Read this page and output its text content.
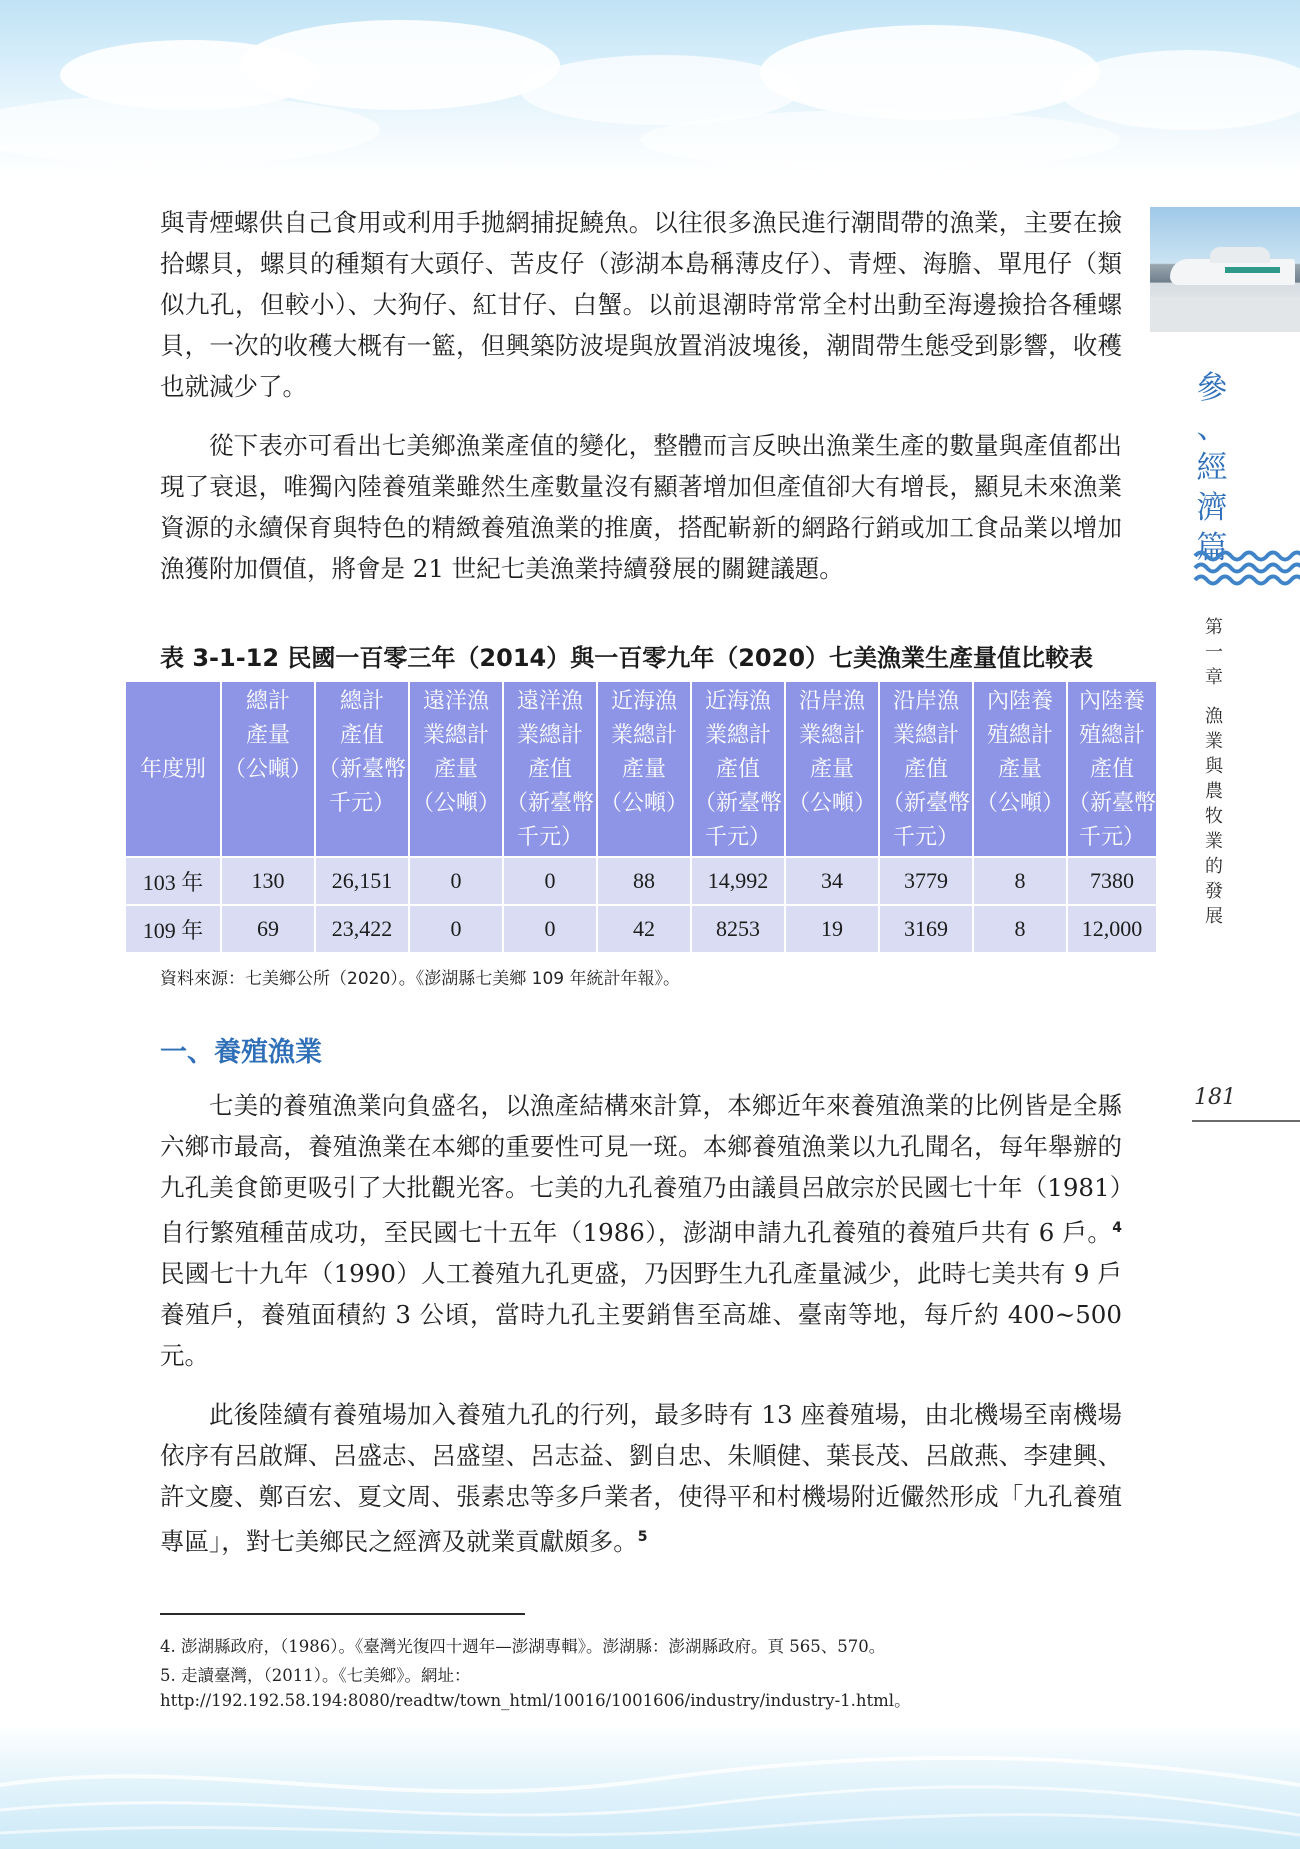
參
、
經
濟
篇
第
一
章
漁
業
與
農
牧
業
的
發
展
181

與青煙螺供自己食用或利用手拋網捕捉鱙魚。以往很多漁民進行潮間帶的漁業，主要在撿拾螺貝，螺貝的種類有大頭仔、苦皮仔（澎湖本島稱薄皮仔）、青煙、海膽、單甩仔（類似九孔，但較小）、大狗仔、紅甘仔、白蟹。以前退潮時常常全村出動至海邊撿拾各種螺貝，一次的收穫大概有一籃，但興築防波堤與放置消波塊後，潮間帶生態受到影響，收穫也就減少了。

從下表亦可看出七美鄉漁業產值的變化，整體而言反映出漁業生產的數量與產值都出現了衰退，唯獨內陸養殖業雖然生產數量沒有顯著增加但產值卻大有增長，顯見未來漁業資源的永續保育與特色的精緻養殖漁業的推廣，搭配嶄新的網路行銷或加工食品業以增加漁獲附加價值，將會是 21 世紀七美漁業持續發展的關鍵議題。

表 3-1-12 民國一百零三年（2014）與一百零九年（2020）七美漁業生產量值比較表
年度別	總計
產量
（公噸）	總計
產值
（新臺幣
千元）	遠洋漁
業總計
產量
（公噸）	遠洋漁
業總計
產值
（新臺幣
千元）	近海漁
業總計
產量
（公噸）	近海漁
業總計
產值
（新臺幣
千元）	沿岸漁
業總計
產量
（公噸）	沿岸漁
業總計
產值
（新臺幣
千元）	內陸養
殖總計
產量
（公噸）	內陸養
殖總計
產值
（新臺幣
千元）

103 年	130	26,151	0	0	88	14,992	34	3779	8	7380
109 年	69	23,422	0	0	42	8253	19	3169	8	12,000
資料來源：七美鄉公所（2020）。《澎湖縣七美鄉 109 年統計年報》。
一、養殖漁業

七美的養殖漁業向負盛名，以漁產結構來計算，本鄉近年來養殖漁業的比例皆是全縣六鄉市最高，養殖漁業在本鄉的重要性可見一斑。本鄉養殖漁業以九孔聞名，每年舉辦的九孔美食節更吸引了大批觀光客。七美的九孔養殖乃由議員呂啟宗於民國七十年（1981）自行繁殖種苗成功，至民國七十五年（1986），澎湖申請九孔養殖的養殖戶共有 6 戶。$^4$ 民國七十九年（1990）人工養殖九孔更盛，乃因野生九孔產量減少，此時七美共有 9 戶養殖戶，養殖面積約 3 公頃，當時九孔主要銷售至高雄、臺南等地，每斤約 400~500 元。

此後陸續有養殖場加入養殖九孔的行列，最多時有 13 座養殖場，由北機場至南機場依序有呂啟輝、呂盛志、呂盛望、呂志益、劉自忠、朱順健、葉長茂、呂啟燕、李建興、許文慶、鄭百宏、夏文周、張素忠等多戶業者，使得平和村機場附近儼然形成「九孔養殖專區」，對七美鄉民之經濟及就業貢獻頗多。$^5$

4. 澎湖縣政府，（1986）。《臺灣光復四十週年—澎湖專輯》。澎湖縣：澎湖縣政府。頁 565、570。
5. 走讀臺灣，（2011）。《七美鄉》。網址：http://192.192.58.194:8080/readtw/town_html/10016/1001606/industry/industry-1.html。
